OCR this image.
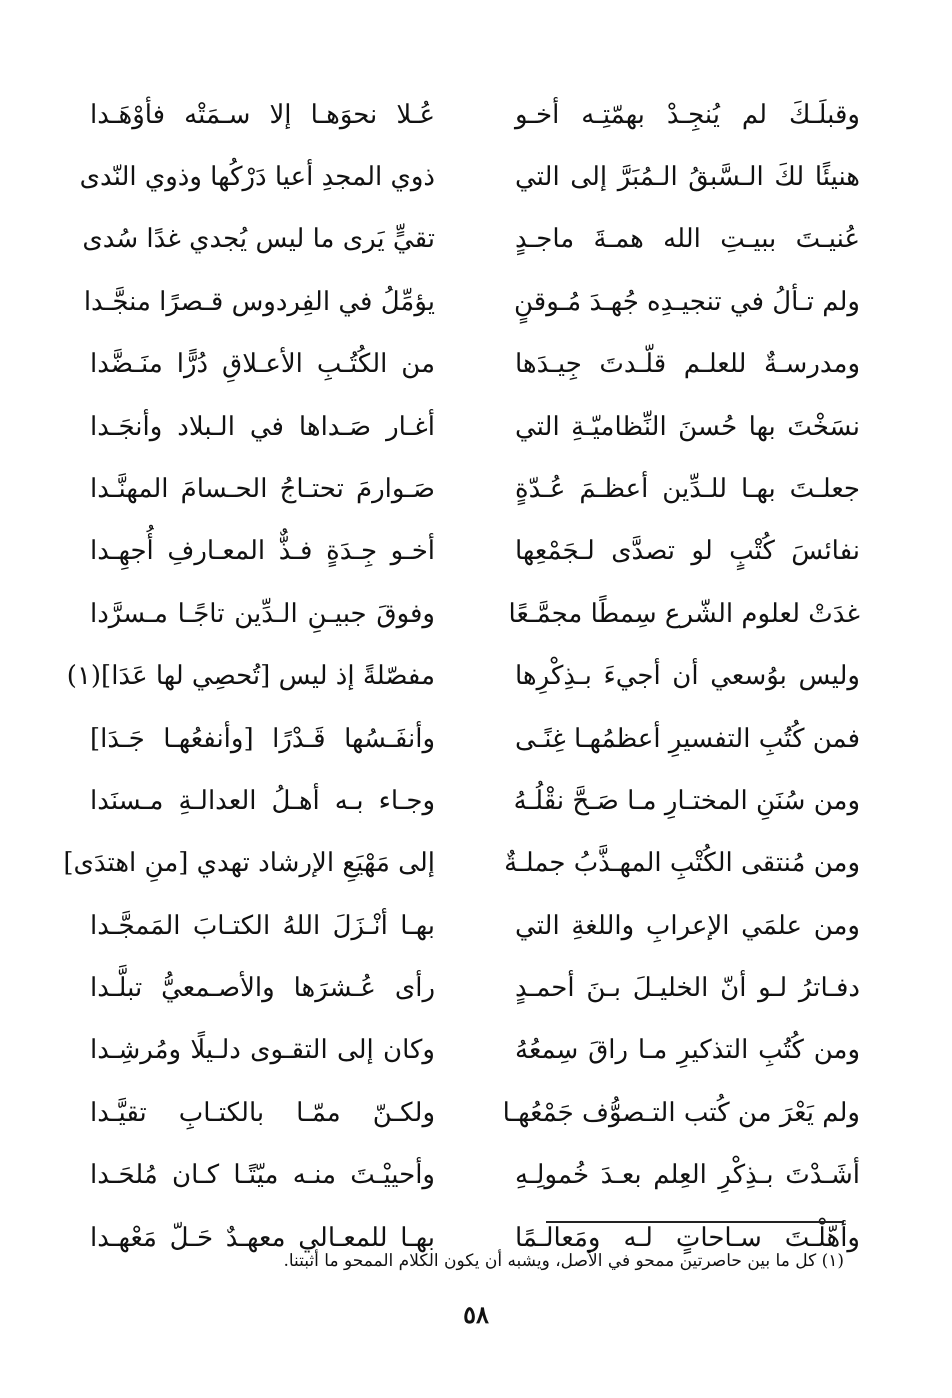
وقبلَـكَ لم يُنجِـدْ بهمّتِـه أخـو
عُـلا نحوَهـا إلا سـمَتْه فأوْهَـدا
هنيئًا لكَ الـسَّبقُ الـمُبَرَّ إلى التي
ذوي المجدِ أعيا دَرْكُها وذوي النّدى
عُنيـتَ ببيـتِ الله همـةَ ماجـدٍ
تقيٍّ يَرى ما ليس يُجدي غدًا سُدى
ولم تـألُ في تنجيـدِه جُهـدَ مُـوقنٍ
يؤمِّلُ في الفِردوس قـصرًا منجَّـدا
ومدرسـةٌ للعلـم قلّـدتَ جِيـدَها
من الكُتُـبِ الأعـلاقِ دُرًّا منَـضَّدا
نسَخْتَ بها حُسنَ النِّظاميّـةِ التي
أغـار صَـداها في الـبلاد وأنجَـدا
جعلـتَ بهـا للـدِّين أعظـمَ عُـدّةٍ
صَـوارمَ تحتـاجُ الحـسامَ المهنَّـدا
نفائسَ كُتْبٍ لو تصدَّى لـجَمْعِها
أخـو جِـدَةٍ فـذٌّ المعـارفِ أُجهِـدا
غدَتْ لعلوم الشّرع سِمطًا مجمَّـعًا
وفوقَ جبيـنِ الـدِّين تاجًـا مـسرَّدا
وليس بوُسعي أن أجيءَ بـذِكْرِها
مفصّلةً إذ ليس [تُحصِي لها عَدَا](١)
فمن كُتُبِ التفسيرِ أعظمُهـا غِنًـى
وأنفَـسُها قَـدْرًا [وأنفعُهـا جَـدَا]
ومن سُنَنِ المختـارِ مـا صَـحَّ نقْلُـهُ
وجـاء بـه أهـلُ العدالـةِ مـسنَدا
ومن مُنتقى الكُتْبِ المهـذَّبُ جملـةٌ
إلى مَهْيَعِ الإرشاد تهدي [منِ اهتدَى]
ومن علمَي الإعرابِ واللغةِ التي
بهـا أنْـزَلَ اللهُ الكتـابَ المَمجَّـدا
دفـاترُ لـو أنّ الخليـلَ بـنَ أحمـدٍ
رأى عُـشرَها والأصـمعيُّ تبلَّـدا
ومن كُتُبِ التذكيرِ مـا راقَ سِمعُهُ
وكان إلى التقـوى دلـيلًا ومُرشِـدا
ولم يَعْرَ من كُتب التـصوُّف جَمْعُهـا
ولكـنّ ممّـا بالكتـابِ تقيَّـدا
أشَـدْتَ بـذِكْرِ العِلم بعـدَ خُمولِـهِ
وأحييْـتَ منـه ميّتًـا كـان مُلحَـدا
وأهّلْـتَ سـاحاتٍ لـه ومَعالـمًا
بهـا للمعـالي معهـدٌ حَـلّ مَعْهـدا
(١) كل ما بين حاصرتين ممحو في الأصل، ويشبه أن يكون الكلام الممحو ما أثبتنا.
٥٨
